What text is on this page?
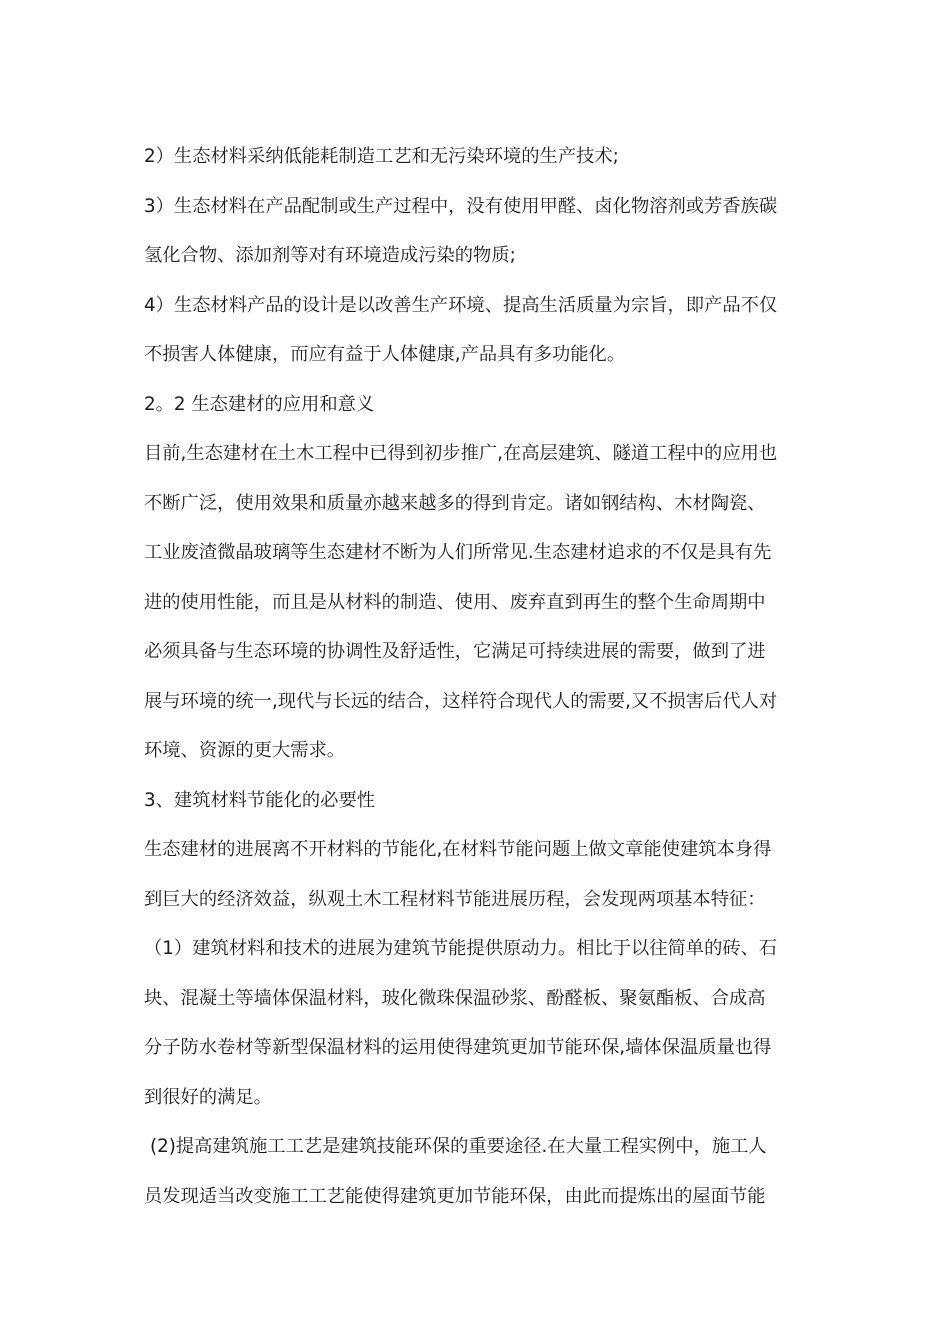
2）生态材料采纳低能耗制造工艺和无污染环境的生产技术;
3）生态材料在产品配制或生产过程中，没有使用甲醛、卤化物溶剂或芳香族碳
氢化合物、添加剂等对有环境造成污染的物质;
4）生态材料产品的设计是以改善生产环境、提高生活质量为宗旨，即产品不仅
不损害人体健康，而应有益于人体健康,产品具有多功能化。
2。2 生态建材的应用和意义
目前,生态建材在土木工程中已得到初步推广,在高层建筑、隧道工程中的应用也
不断广泛，使用效果和质量亦越来越多的得到肯定。诸如钢结构、木材陶瓷、
工业废渣微晶玻璃等生态建材不断为人们所常见.生态建材追求的不仅是具有先
进的使用性能，而且是从材料的制造、使用、废弃直到再生的整个生命周期中
必须具备与生态环境的协调性及舒适性，它满足可持续进展的需要，做到了进
展与环境的统一,现代与长远的结合，这样符合现代人的需要,又不损害后代人对
环境、资源的更大需求。
3、建筑材料节能化的必要性
生态建材的进展离不开材料的节能化,在材料节能问题上做文章能使建筑本身得
到巨大的经济效益，纵观土木工程材料节能进展历程，会发现两项基本特征：
（1）建筑材料和技术的进展为建筑节能提供原动力。相比于以往简单的砖、石
块、混凝土等墙体保温材料，玻化微珠保温砂浆、酚醛板、聚氨酯板、合成高
分子防水卷材等新型保温材料的运用使得建筑更加节能环保,墙体保温质量也得
到很好的满足。
(2)提高建筑施工工艺是建筑技能环保的重要途径.在大量工程实例中，施工人
员发现适当改变施工工艺能使得建筑更加节能环保，由此而提炼出的屋面节能
